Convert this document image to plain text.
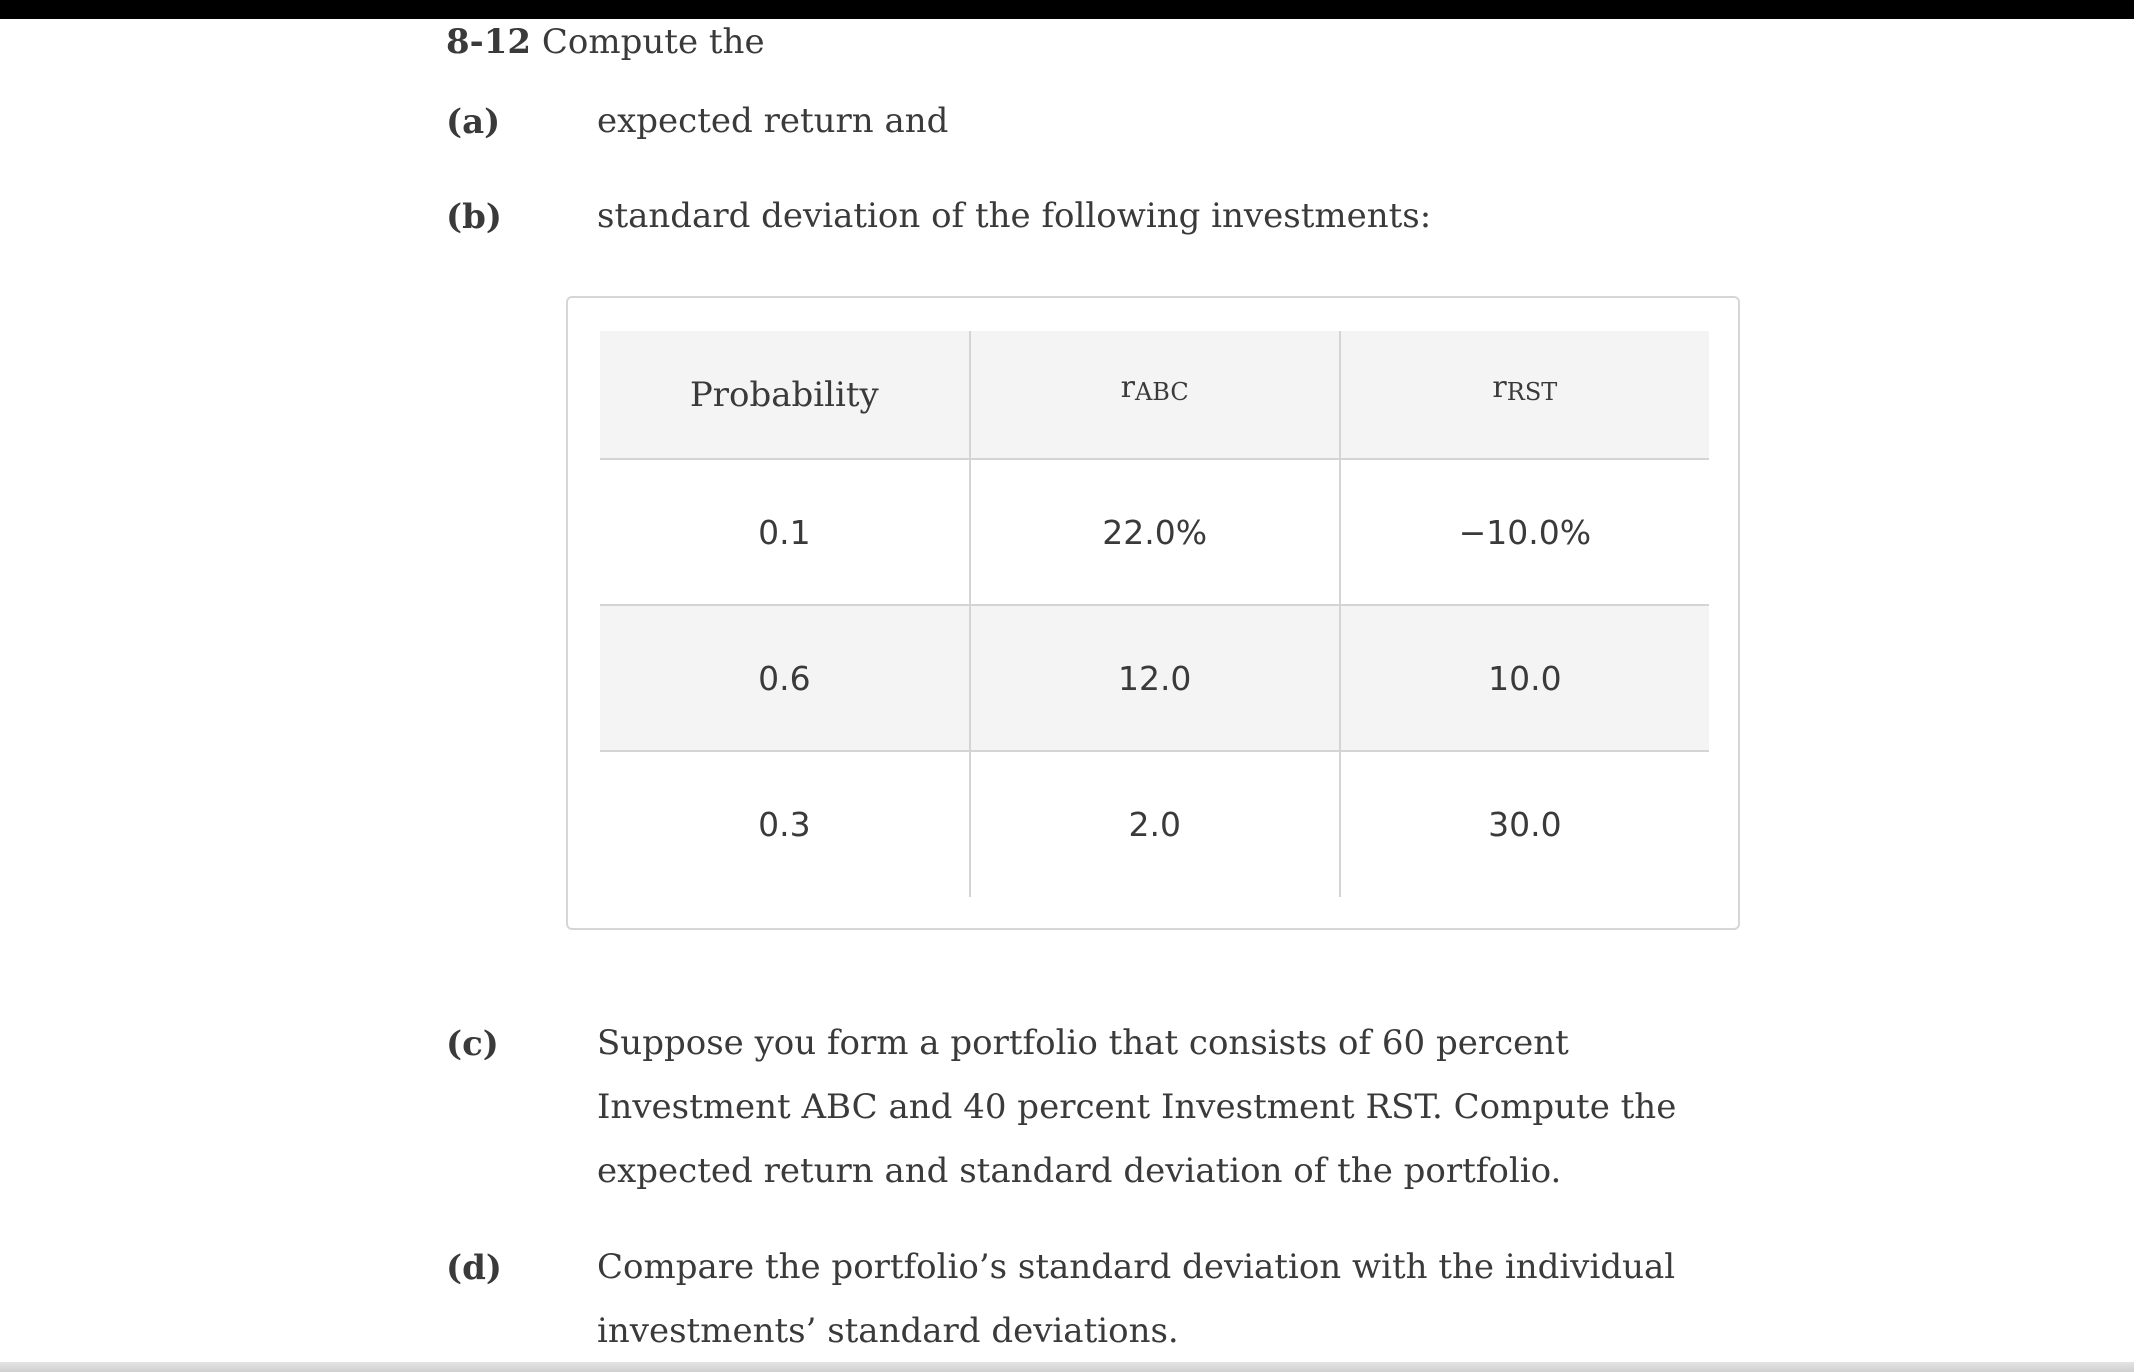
8-12 Compute the
(a)	expected return and
(b)	standard deviation of the following investments:
Probability	rABC	rRST
0.1	22.0%	−10.0%
0.6	12.0	10.0
0.3	2.0	30.0
(c)	Suppose you form a portfolio that consists of 60 percent Investment ABC and 40 percent Investment RST. Compute the expected return and standard deviation of the portfolio.
(d)	Compare the portfolio’s standard deviation with the individual investments’ standard deviations.
